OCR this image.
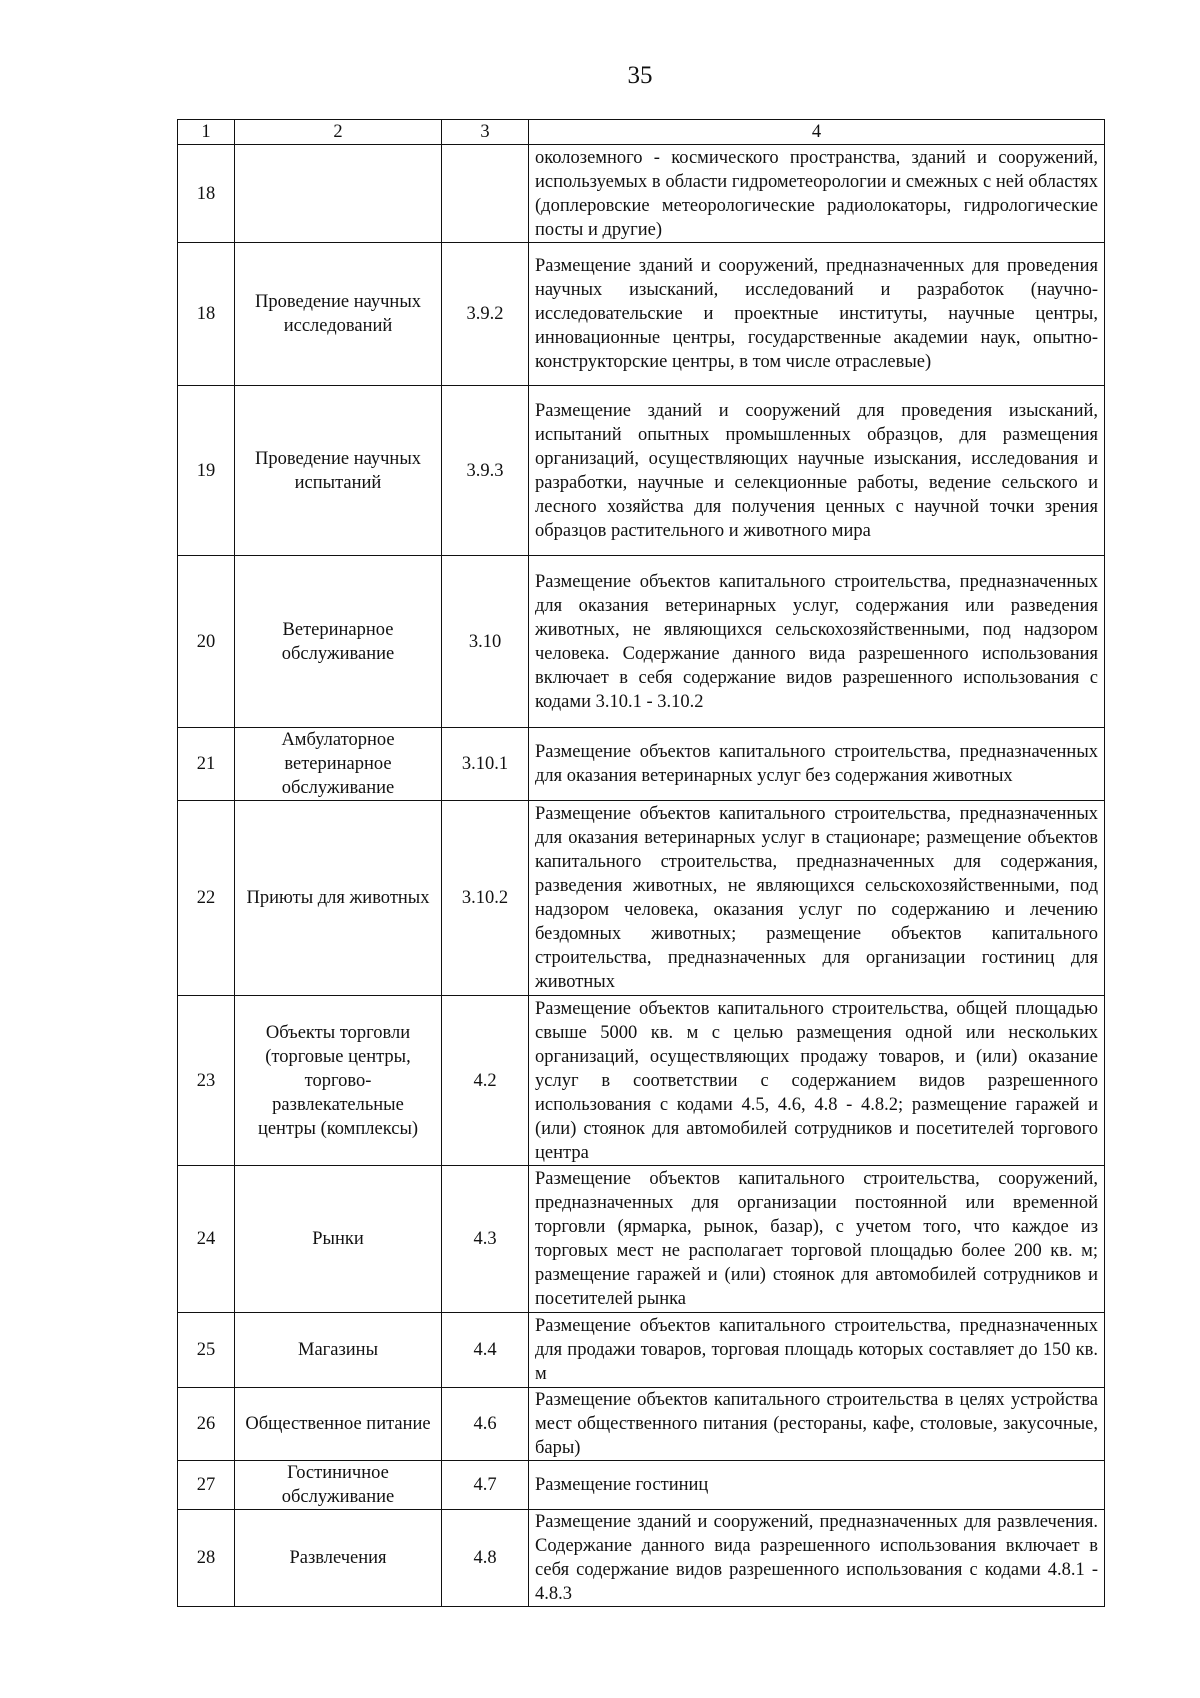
35
1	2	3	4
18			околоземного - космического пространства, зданий и сооружений, используемых в области гидрометеорологии и смежных с ней областях (доплеровские метеорологические радиолокаторы, гидрологические посты и другие)
18	Проведение научных исследований	3.9.2	Размещение зданий и сооружений, предназначенных для проведения научных изысканий, исследований и разработок (научно-исследовательские и проектные институты, научные центры, инновационные центры, государственные академии наук, опытно-конструкторские центры, в том числе отраслевые)
19	Проведение научных испытаний	3.9.3	Размещение зданий и сооружений для проведения изысканий, испытаний опытных промышленных образцов, для размещения организаций, осуществляющих научные изыскания, исследования и разработки, научные и селекционные работы, ведение сельского и лесного хозяйства для получения ценных с научной точки зрения образцов растительного и животного мира
20	Ветеринарное обслуживание	3.10	Размещение объектов капитального строительства, предназначенных для оказания ветеринарных услуг, содержания или разведения животных, не являющихся сельскохозяйственными, под надзором человека. Содержание данного вида разрешенного использования включает в себя содержание видов разрешенного использования с кодами 3.10.1 - 3.10.2
21	Амбулаторное ветеринарное обслуживание	3.10.1	Размещение объектов капитального строительства, предназначенных для оказания ветеринарных услуг без содержания животных
22	Приюты для животных	3.10.2	Размещение объектов капитального строительства, предназначенных для оказания ветеринарных услуг в стационаре; размещение объектов капитального строительства, предназначенных для содержания, разведения животных, не являющихся сельскохозяйственными, под надзором человека, оказания услуг по содержанию и лечению бездомных животных; размещение объектов капитального строительства, предназначенных для организации гостиниц для животных
23	Объекты торговли (торговые центры, торгово-развлекательные центры (комплексы)	4.2	Размещение объектов капитального строительства, общей площадью свыше 5000 кв. м с целью размещения одной или нескольких организаций, осуществляющих продажу товаров, и (или) оказание услуг в соответствии с содержанием видов разрешенного использования с кодами 4.5, 4.6, 4.8 - 4.8.2; размещение гаражей и (или) стоянок для автомобилей сотрудников и посетителей торгового центра
24	Рынки	4.3	Размещение объектов капитального строительства, сооружений, предназначенных для организации постоянной или временной торговли (ярмарка, рынок, базар), с учетом того, что каждое из торговых мест не располагает торговой площадью более 200 кв. м; размещение гаражей и (или) стоянок для автомобилей сотрудников и посетителей рынка
25	Магазины	4.4	Размещение объектов капитального строительства, предназначенных для продажи товаров, торговая площадь которых составляет до 150 кв. м
26	Общественное питание	4.6	Размещение объектов капитального строительства в целях устройства мест общественного питания (рестораны, кафе, столовые, закусочные, бары)
27	Гостиничное обслуживание	4.7	Размещение гостиниц
28	Развлечения	4.8	Размещение зданий и сооружений, предназначенных для развлечения. Содержание данного вида разрешенного использования включает в себя содержание видов разрешенного использования с кодами 4.8.1 - 4.8.3
